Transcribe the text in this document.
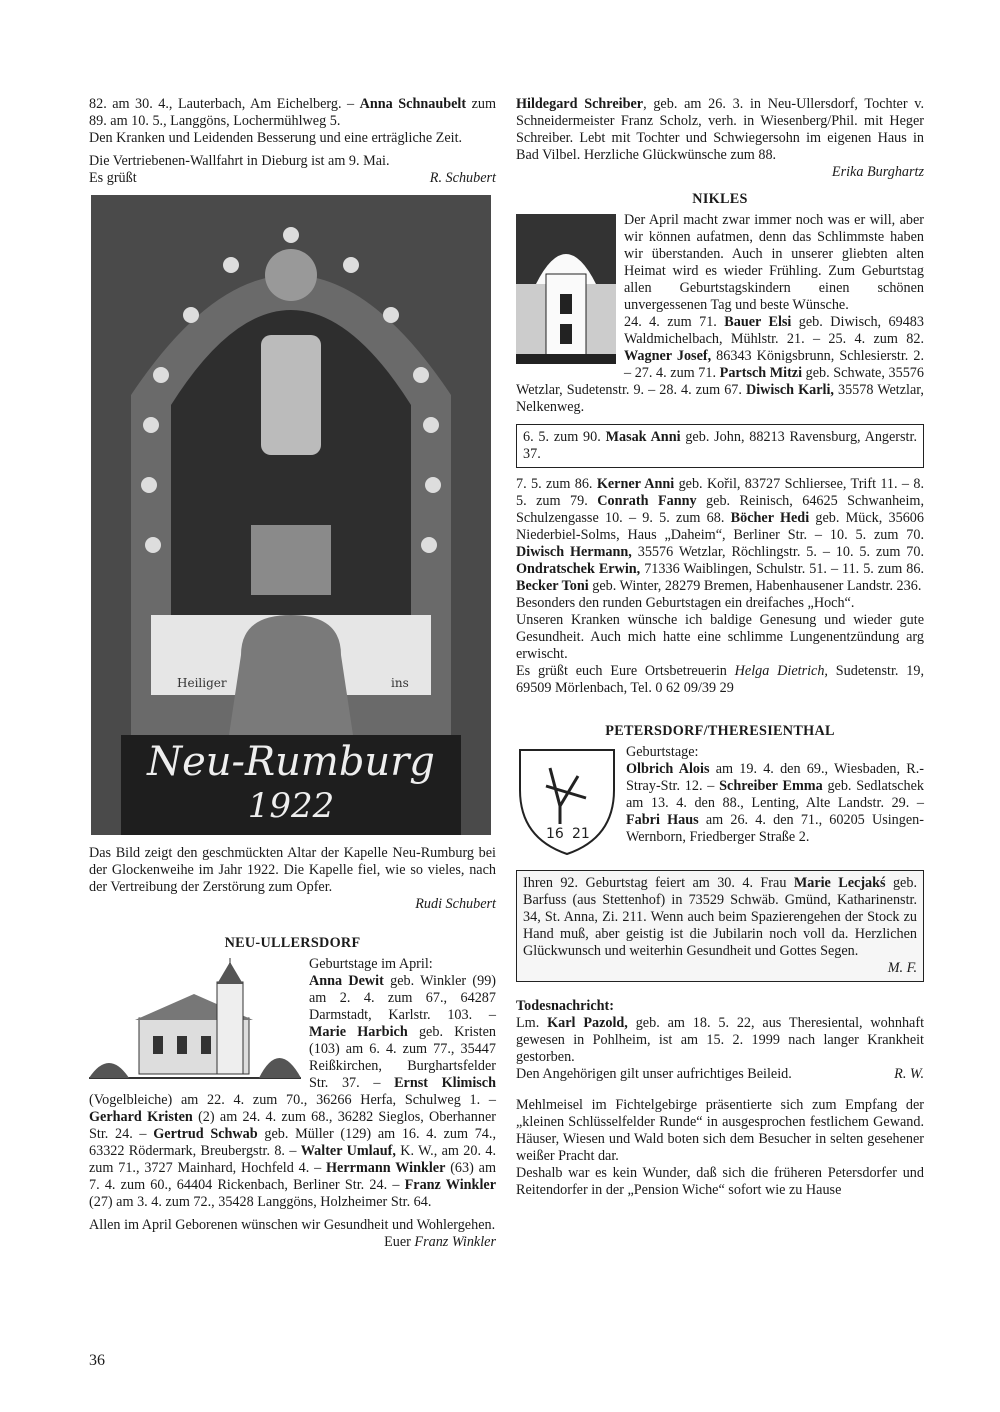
82. am 30. 4., Lauterbach, Am Eichelberg. – Anna Schnaubelt zum 89. am 10. 5., Langgöns, Lochermühlweg 5.

Den Kranken und Leidenden Besserung und eine erträgliche Zeit.

Die Vertriebenen-Wallfahrt in Dieburg ist am 9. Mai.

Es grüßt	R. Schubert
Heiliger	ins
Neu-Rumburg
1922

Das Bild zeigt den geschmückten Altar der Kapelle Neu-Rumburg bei der Glockenweihe im Jahr 1922. Die Kapelle fiel, wie so vieles, nach der Vertreibung der Zerstörung zum Opfer.

Rudi Schubert

NEU-ULLERSDORF

Geburtstage im April:

Anna Dewit geb. Winkler (99) am 2. 4. zum 67., 64287 Darmstadt, Karlstr. 103. – Marie Harbich geb. Kristen (103) am 6. 4. zum 77., 35447 Reißkirchen, Burghartsfelder Str. 37. – Ernst Klimisch (Vogelbleiche) am 22. 4. zum 70., 36266 Herfa, Schulweg 1. – Gerhard Kristen (2) am 24. 4. zum 68., 36282 Sieglos, Oberhanner Str. 24. – Gertrud Schwab geb. Müller (129) am 16. 4. zum 74., 63322 Rödermark, Breubergstr. 8. – Walter Umlauf, K. W., am 20. 4. zum 71., 3727 Mainhard, Hochfeld 4. – Herrmann Winkler (63) am 7. 4. zum 60., 64404 Rickenbach, Berliner Str. 24. – Franz Winkler (27) am 3. 4. zum 72., 35428 Langgöns, Holzheimer Str. 64.

Allen im April Geborenen wünschen wir Gesundheit und Wohlergehen.

Euer Franz Winkler

Hildegard Schreiber, geb. am 26. 3. in Neu-Ullersdorf, Tochter v. Schneidermeister Franz Scholz, verh. in Wiesenberg/Phil. mit Heger Schreiber. Lebt mit Tochter und Schwiegersohn im eigenen Haus in Bad Vilbel. Herzliche Glückwünsche zum 88.

Erika Burghartz

NIKLES

Der April macht zwar immer noch was er will, aber wir können aufatmen, denn das Schlimmste haben wir überstanden. Auch in unserer gliebten alten Heimat wird es wieder Frühling. Zum Geburtstag allen Geburtstagskindern einen schönen unvergessenen Tag und beste Wünsche.

24. 4. zum 71. Bauer Elsi geb. Diwisch, 69483 Waldmichelbach, Mühlstr. 21. – 25. 4. zum 82. Wagner Josef, 86343 Königsbrunn, Schlesierstr. 2. – 27. 4. zum 71. Partsch Mitzi geb. Schwate, 35576 Wetzlar, Sudetenstr. 9. – 28. 4. zum 67. Diwisch Karli, 35578 Wetzlar, Nelkenweg.

6. 5. zum 90. Masak Anni geb. John, 88213 Ravensburg, Angerstr. 37.

7. 5. zum 86. Kerner Anni geb. Kořil, 83727 Schliersee, Trift 11. – 8. 5. zum 79. Conrath Fanny geb. Reinisch, 64625 Schwanheim, Schulzengasse 10. – 9. 5. zum 68. Böcher Hedi geb. Mück, 35606 Niederbiel-Solms, Haus „Daheim“, Berliner Str. – 10. 5. zum 70. Diwisch Hermann, 35576 Wetzlar, Röchlingstr. 5. – 10. 5. zum 70. Ondratschek Erwin, 71336 Waiblingen, Schulstr. 51. – 11. 5. zum 86. Becker Toni geb. Winter, 28279 Bremen, Habenhausener Landstr. 236.

Besonders den runden Geburtstagen ein dreifaches „Hoch“.

Unseren Kranken wünsche ich baldige Genesung und wieder gute Gesundheit. Auch mich hatte eine schlimme Lungenentzündung arg erwischt.

Es grüßt euch Eure Ortsbetreuerin Helga Dietrich, Sudetenstr. 19, 69509 Mörlenbach, Tel. 0 62 09/39 29

PETERSDORF/THERESIENTHAL
16 21

Geburtstage:

Olbrich Alois am 19. 4. den 69., Wiesbaden, R.-Stray-Str. 12. – Schreiber Emma geb. Sedlatschek am 13. 4. den 88., Lenting, Alte Landstr. 29. – Fabri Haus am 26. 4. den 71., 60205 Usingen-Wernborn, Friedberger Straße 2.

Ihren 92. Geburtstag feiert am 30. 4. Frau Marie Lecjakś geb. Barfuss (aus Stettenhof) in 73529 Schwäb. Gmünd, Katharinenstr. 34, St. Anna, Zi. 211. Wenn auch beim Spazierengehen der Stock zu Hand muß, aber geistig ist die Jubilarin noch voll da. Herzlichen Glückwunsch und weiterhin Gesundheit und Gottes Segen.

M. F.

Todesnachricht:

Lm. Karl Pazold, geb. am 18. 5. 22, aus Theresiental, wohnhaft gewesen in Pohlheim, ist am 15. 2. 1999 nach langer Krankheit gestorben.

Den Angehörigen gilt unser aufrichtiges Beileid.	R. W.

Mehlmeisel im Fichtelgebirge präsentierte sich zum Empfang der „kleinen Schlüsselfelder Runde“ in ausgesprochen festlichem Gewand. Häuser, Wiesen und Wald boten sich dem Besucher in selten gesehener weißer Pracht dar.

Deshalb war es kein Wunder, daß sich die früheren Petersdorfer und Reitendorfer in der „Pension Wiche“ sofort wie zu Hause

36
